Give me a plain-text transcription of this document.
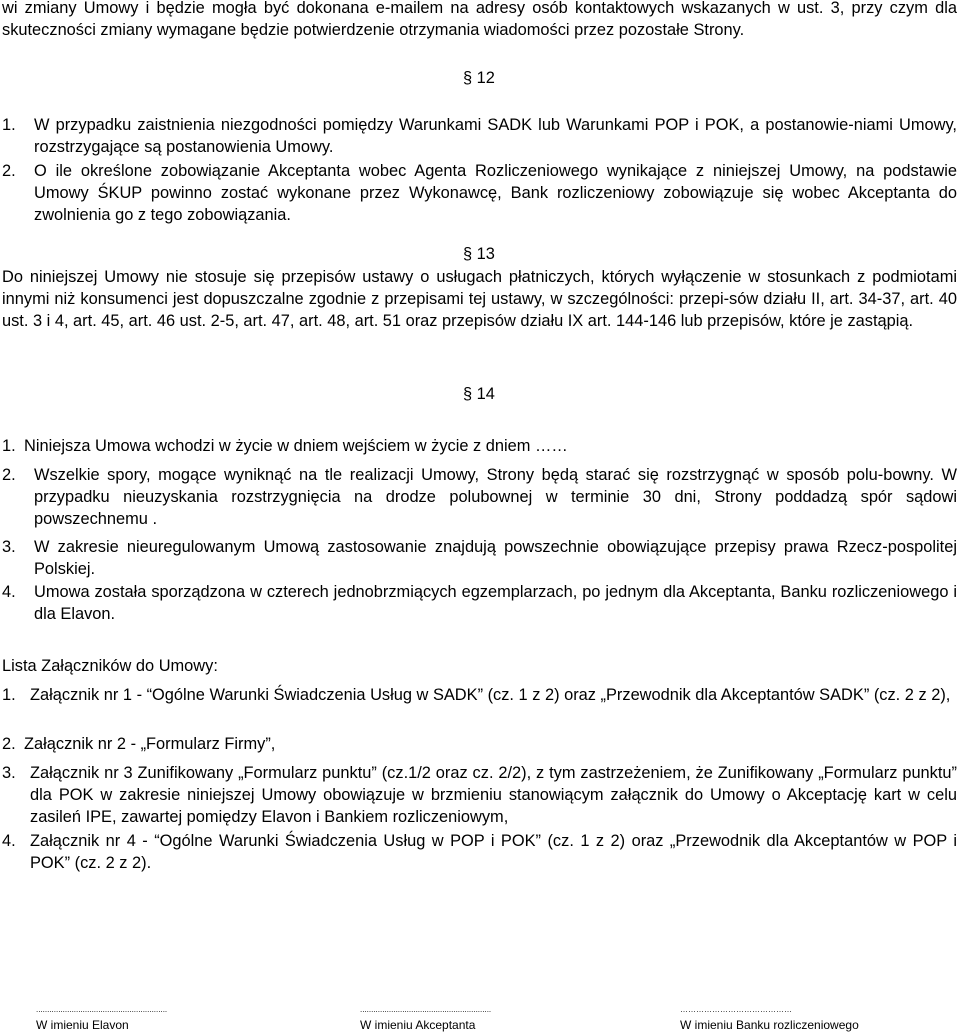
wi zmiany Umowy i będzie mogła być dokonana e-mailem na adresy osób kontaktowych wskazanych w ust. 3, przy czym dla skuteczności zmiany wymagane będzie potwierdzenie otrzymania wiadomości przez pozostałe Strony.

§ 12
1. W przypadku zaistnienia niezgodności pomiędzy Warunkami SADK lub Warunkami POP i POK, a postanowie-niami Umowy, rozstrzygające są postanowienia Umowy.
2. O ile określone zobowiązanie Akceptanta wobec Agenta Rozliczeniowego wynikające z niniejszej Umowy, na podstawie Umowy ŚKUP powinno zostać wykonane przez Wykonawcę, Bank rozliczeniowy zobowiązuje się wobec Akceptanta do zwolnienia go z tego zobowiązania.
§ 13

Do niniejszej Umowy nie stosuje się przepisów ustawy o usługach płatniczych, których wyłączenie w stosunkach z podmiotami innymi niż konsumenci jest dopuszczalne zgodnie z przepisami tej ustawy, w szczególności: przepi-sów działu II, art. 34-37, art. 40 ust. 3 i 4, art. 45, art. 46 ust. 2-5, art. 47, art. 48, art. 51 oraz przepisów działu IX art. 144-146 lub przepisów, które je zastąpią.

§ 14
1. Niniejsza Umowa wchodzi w życie w dniem wejściem w życie z dniem ……
2. Wszelkie spory, mogące wyniknąć na tle realizacji Umowy, Strony będą starać się rozstrzygnąć w sposób polu-bowny. W przypadku nieuzyskania rozstrzygnięcia na drodze polubownej w terminie 30 dni, Strony poddadzą spór sądowi powszechnemu .
3. W zakresie nieuregulowanym Umową zastosowanie znajdują powszechnie obowiązujące przepisy prawa Rzecz-pospolitej Polskiej.
4. Umowa została sporządzona w czterech jednobrzmiących egzemplarzach, po jednym dla Akceptanta, Banku rozliczeniowego i dla Elavon.

Lista Załączników do Umowy:

1. Załącznik nr 1 - “Ogólne Warunki Świadczenia Usług w SADK” (cz. 1 z 2) oraz „Przewodnik dla Akceptantów SADK” (cz. 2 z 2),
2. Załącznik nr 2 - „Formularz Firmy”,
3. Załącznik nr 3 Zunifikowany „Formularz punktu” (cz.1/2 oraz cz. 2/2), z tym zastrzeżeniem, że Zunifikowany „Formularz punktu” dla POK w zakresie niniejszej Umowy obowiązuje w brzmieniu stanowiącym załącznik do Umowy o Akceptację kart w celu zasileń IPE, zawartej pomiędzy Elavon i Bankiem rozliczeniowym,
4. Załącznik nr 4 - “Ogólne Warunki Świadczenia Usług w POP i POK” (cz. 1 z 2) oraz „Przewodnik dla Akceptantów w POP i POK” (cz. 2 z 2).
...........................................................
W imieniu Elavon
...........................................................
W imieniu Akceptanta
……………………………………
W imieniu Banku rozliczeniowego
